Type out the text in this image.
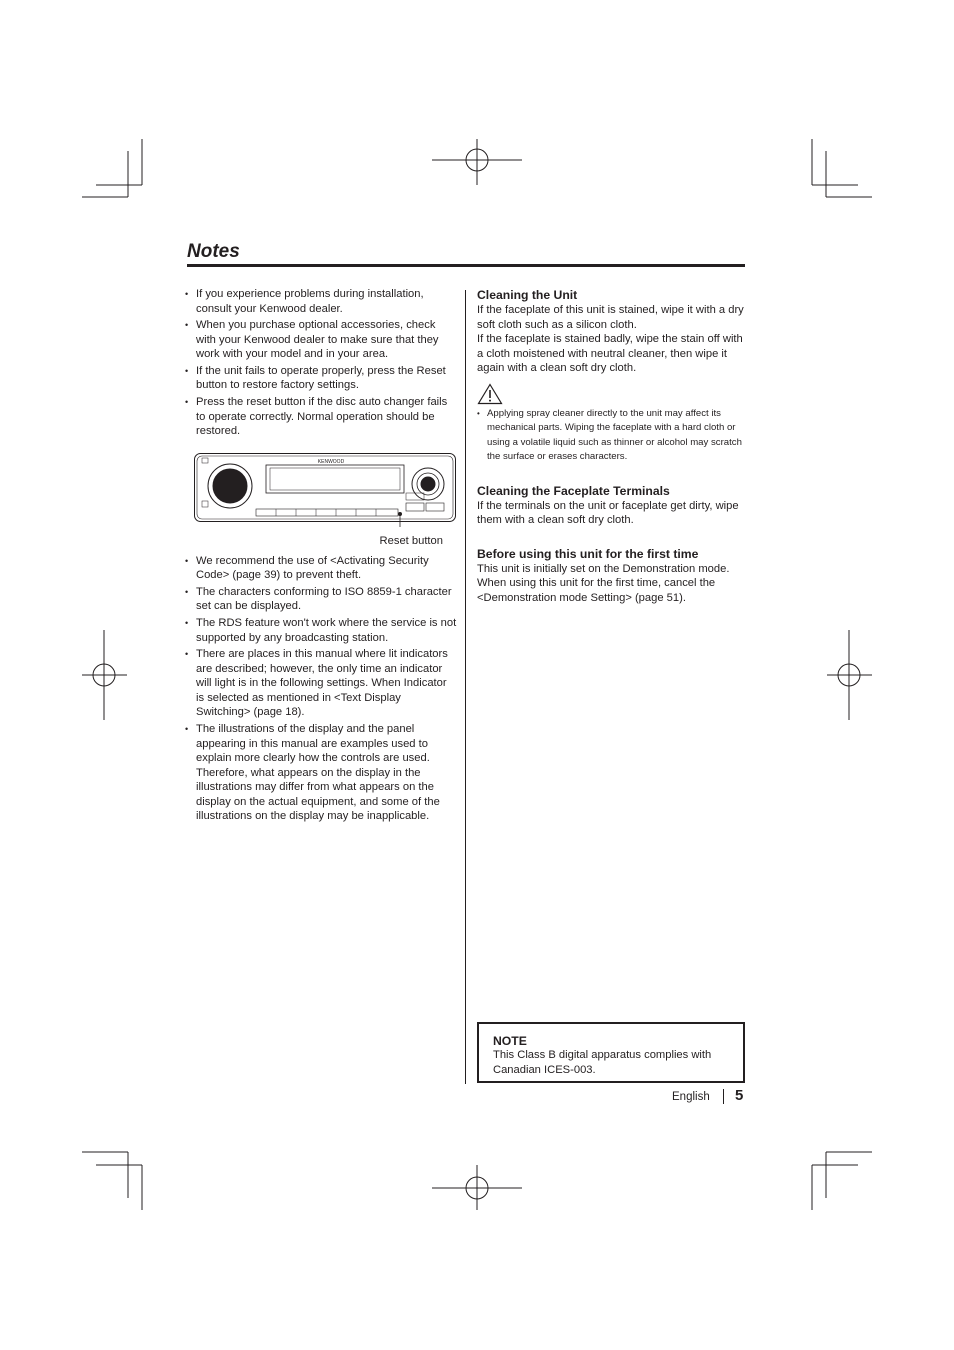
Notes
• If you experience problems during installation, consult your Kenwood dealer.
• When you purchase optional accessories, check with your Kenwood dealer to make sure that they work with your model and in your area.
• If the unit fails to operate properly, press the Reset button to restore factory settings.
• Press the reset button if the disc auto changer fails to operate correctly. Normal operation should be restored.
KENWOOD
Reset button
• We recommend the use of <Activating Security Code> (page 39) to prevent theft.
• The characters conforming to ISO 8859-1 character set can be displayed.
• The RDS feature won't work where the service is not supported by any broadcasting station.
• There are places in this manual where lit indicators are described; however, the only time an indicator will light is in the following settings. When Indicator is selected as mentioned in <Text Display Switching> (page 18).
• The illustrations of the display and the panel appearing in this manual are examples used to explain more clearly how the controls are used. Therefore, what appears on the display in the illustrations may differ from what appears on the display on the actual equipment, and some of the illustrations on the display may be inapplicable.
Cleaning the Unit

If the faceplate of this unit is stained, wipe it with a dry soft cloth such as a silicon cloth.

If the faceplate is stained badly, wipe the stain off with a cloth moistened with neutral cleaner, then wipe it again with a clean soft dry cloth.

• Applying spray cleaner directly to the unit may affect its mechanical parts. Wiping the faceplate with a hard cloth or using a volatile liquid such as thinner or alcohol may scratch the surface or erases characters.

Cleaning the Faceplate Terminals

If the terminals on the unit or faceplate get dirty, wipe them with a clean soft dry cloth.

Before using this unit for the first time

This unit is initially set on the Demonstration mode. When using this unit for the first time, cancel the <Demonstration mode Setting> (page 51).

NOTE
This Class B digital apparatus complies with Canadian ICES-003.
English 5
